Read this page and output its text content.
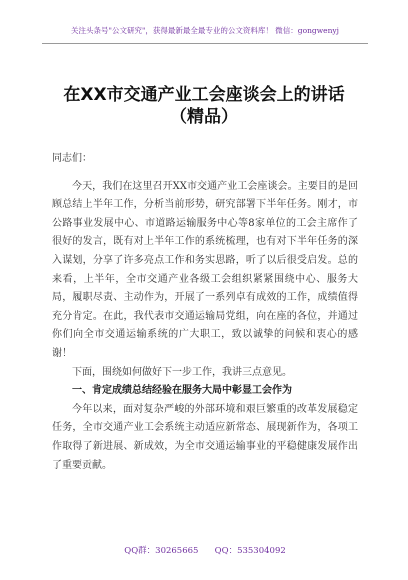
关注头条号"公文研究"，获得最新最全最专业的公文资料库！ 微信：gongwenyj
在XX市交通产业工会座谈会上的讲话
（精品）

同志们：

今天，我们在这里召开XX市交通产业工会座谈会。主要目的是回顾总结上半年工作，分析当前形势，研究部署下半年任务。刚才，市公路事业发展中心、市道路运输服务中心等8家单位的工会主席作了很好的发言，既有对上半年工作的系统梳理，也有对下半年任务的深入谋划，分享了许多亮点工作和务实思路，听了以后很受启发。总的来看，上半年，全市交通产业各级工会组织紧紧围绕中心、服务大局，履职尽责、主动作为，开展了一系列卓有成效的工作，成绩值得充分肯定。在此，我代表市交通运输局党组，向在座的各位，并通过你们向全市交通运输系统的广大职工，致以诚挚的问候和衷心的感谢！

下面，围绕如何做好下一步工作，我讲三点意见。

一、肯定成绩总结经验在服务大局中彰显工会作为

今年以来，面对复杂严峻的外部环境和艰巨繁重的改革发展稳定任务，全市交通产业工会系统主动适应新常态、展现新作为，各项工作取得了新进展、新成效，为全市交通运输事业的平稳健康发展作出了重要贡献。

QQ群：30265665      QQ：535304092
